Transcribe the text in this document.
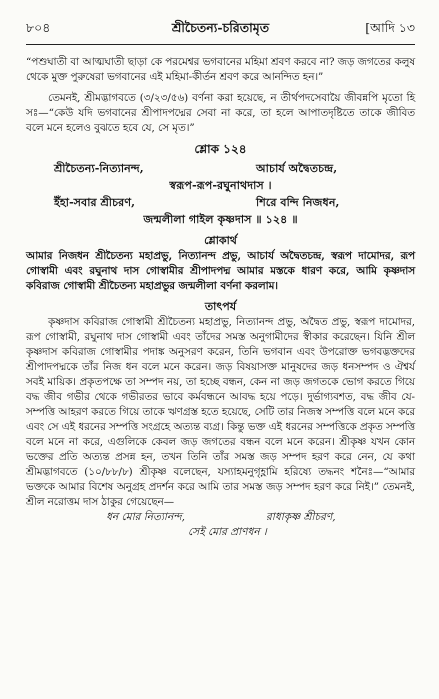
৮০৪	শ্রীচৈতন্য-চরিতামৃত	[আদি ১৩

“পশুঘাতী বা আত্মঘাতী ছাড়া কে পরমেশ্বর ভগবানের মহিমা শ্রবণ করবে না? জড় জগতের কলুষ থেকে মুক্ত পুরুষেরা ভগবানের এই মহিমা-কীর্তন শ্রবণ করে আনন্দিত হন।”

তেমনই, শ্রীমদ্ভাগবতে (৩/২৩/৫৬) বর্ণনা করা হয়েছে, ন তীর্থপদসেবায়ৈ জীবন্নপি মৃতো হি সঃ—“কেউ যদি ভগবানের শ্রীপাদপদ্মের সেবা না করে, তা হলে আপাতদৃষ্টিতে তাকে জীবিত বলে মনে হলেও বুঝতে হবে যে, সে মৃত।”

শ্লোক ১২৪
শ্রীচৈতন্য-নিত্যানন্দ,	আচার্য অদ্বৈতচন্দ্র,
স্বরূপ-রূপ-রঘুনাথদাস ।
ইঁহা-সবার শ্রীচরণ,	শিরে বন্দি নিজধন,
জন্মলীলা গাইল কৃষ্ণদাস ॥ ১২৪ ॥
শ্লোকার্থ

আমার নিজধন শ্রীচৈতন্য মহাপ্রভু, নিত্যানন্দ প্রভু, আচার্য অদ্বৈতচন্দ্র, স্বরূপ দামোদর, রূপ গোস্বামী এবং রঘুনাথ দাস গোস্বামীর শ্রীপাদপদ্ম আমার মস্তকে ধারণ করে, আমি কৃষ্ণদাস কবিরাজ গোস্বামী শ্রীচৈতন্য মহাপ্রভুর জন্মলীলা বর্ণনা করলাম।

তাৎপর্য

কৃষ্ণদাস কবিরাজ গোস্বামী শ্রীচৈতন্য মহাপ্রভু, নিত্যানন্দ প্রভু, অদ্বৈত প্রভু, স্বরূপ দামোদর, রূপ গোস্বামী, রঘুনাথ দাস গোস্বামী এবং তাঁদের সমস্ত অনুগামীদের স্বীকার করেছেন। যিনি শ্রীল কৃষ্ণদাস কবিরাজ গোস্বামীর পদাঙ্ক অনুসরণ করেন, তিনি ভগবান এবং উপরোক্ত ভগবদ্ভক্তদের শ্রীপাদপদ্মকে তাঁর নিজ ধন বলে মনে করেন। জড় বিষয়াসক্ত মানুষদের জড় ধনসম্পদ ও ঐশ্বর্য সবই মায়িক। প্রকৃতপক্ষে তা সম্পদ নয়, তা হচ্ছে বন্ধন, কেন না জড় জগতকে ভোগ করতে গিয়ে বদ্ধ জীব গভীর থেকে গভীরতর ভাবে কর্মবন্ধনে আবদ্ধ হয়ে পড়ে। দুর্ভাগ্যবশত, বদ্ধ জীব যে-সম্পত্তি আহরণ করতে গিয়ে তাকে ঋণগ্রস্ত হতে হয়েছে, সেটি তার নিজস্ব সম্পত্তি বলে মনে করে এবং সে এই ধরনের সম্পত্তি সংগ্রহে অত্যন্ত ব্যগ্র। কিন্তু ভক্ত এই ধরনের সম্পত্তিকে প্রকৃত সম্পত্তি বলে মনে না করে, এগুলিকে কেবল জড় জগতের বন্ধন বলে মনে করেন। শ্রীকৃষ্ণ যখন কোন ভক্তের প্রতি অত্যন্ত প্রসন্ন হন, তখন তিনি তাঁর সমস্ত জড় সম্পদ হরণ করে নেন, যে কথা শ্রীমদ্ভাগবতে (১০/৮৮/৮) শ্রীকৃষ্ণ বলেছেন, যস্যাহমনুগৃহ্ণামি হরিষ্যে তদ্ধনং শনৈঃ—“আমার ভক্তকে আমার বিশেষ অনুগ্রহ প্রদর্শন করে আমি তার সমস্ত জড় সম্পদ হরণ করে নিই।” তেমনই, শ্রীল নরোত্তম দাস ঠাকুর গেয়েছেন—

ধন মোর নিত্যানন্দ,	রাধাকৃষ্ণ শ্রীচরণ,
সেই মোর প্রাণধন ।
